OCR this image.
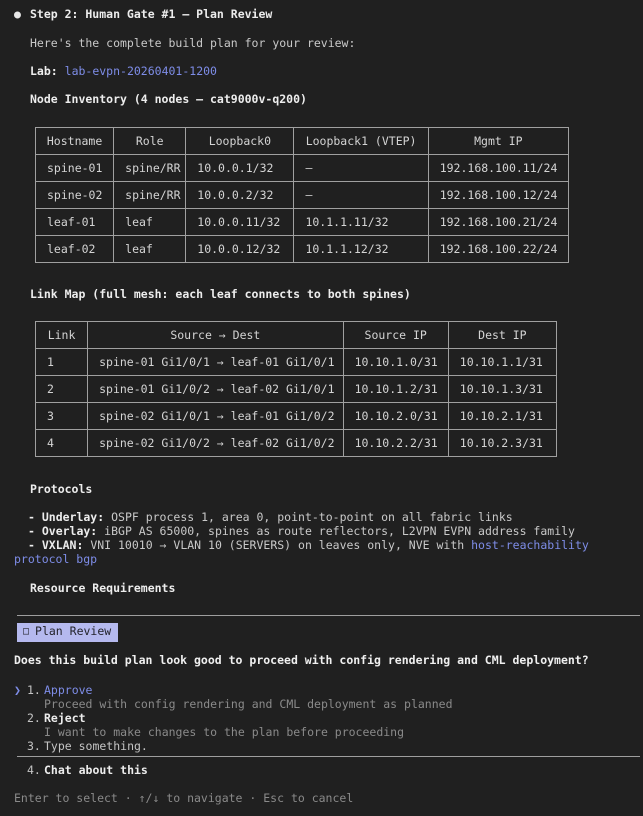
● Step 2: Human Gate #1 — Plan Review
Here's the complete build plan for your review:
Lab: lab-evpn-20260401-1200
Node Inventory (4 nodes — cat9000v-q200)
Hostname	Role	Loopback0	Loopback1 (VTEP)	Mgmt IP
spine-01	spine/RR	10.0.0.1/32	—	192.168.100.11/24
spine-02	spine/RR	10.0.0.2/32	—	192.168.100.12/24
leaf-01	leaf	10.0.0.11/32	10.1.1.11/32	192.168.100.21/24
leaf-02	leaf	10.0.0.12/32	10.1.1.12/32	192.168.100.22/24
Link Map (full mesh: each leaf connects to both spines)
Link	Source → Dest	Source IP	Dest IP
1	spine-01 Gi1/0/1 → leaf-01 Gi1/0/1	10.10.1.0/31	10.10.1.1/31
2	spine-01 Gi1/0/2 → leaf-02 Gi1/0/1	10.10.1.2/31	10.10.1.3/31
3	spine-02 Gi1/0/1 → leaf-01 Gi1/0/2	10.10.2.0/31	10.10.2.1/31
4	spine-02 Gi1/0/2 → leaf-02 Gi1/0/2	10.10.2.2/31	10.10.2.3/31
Protocols
- Underlay: OSPF process 1, area 0, point-to-point on all fabric links
- Overlay: iBGP AS 65000, spines as route reflectors, L2VPN EVPN address family
- VXLAN: VNI 10010 → VLAN 10 (SERVERS) on leaves only, NVE with host-reachability protocol bgp
Resource Requirements
□ Plan Review
Does this build plan look good to proceed with config rendering and CML deployment?
❯ 1. Approve
Proceed with config rendering and CML deployment as planned
2. Reject
I want to make changes to the plan before proceeding
3. Type something.
4. Chat about this
Enter to select · ↑/↓ to navigate · Esc to cancel
